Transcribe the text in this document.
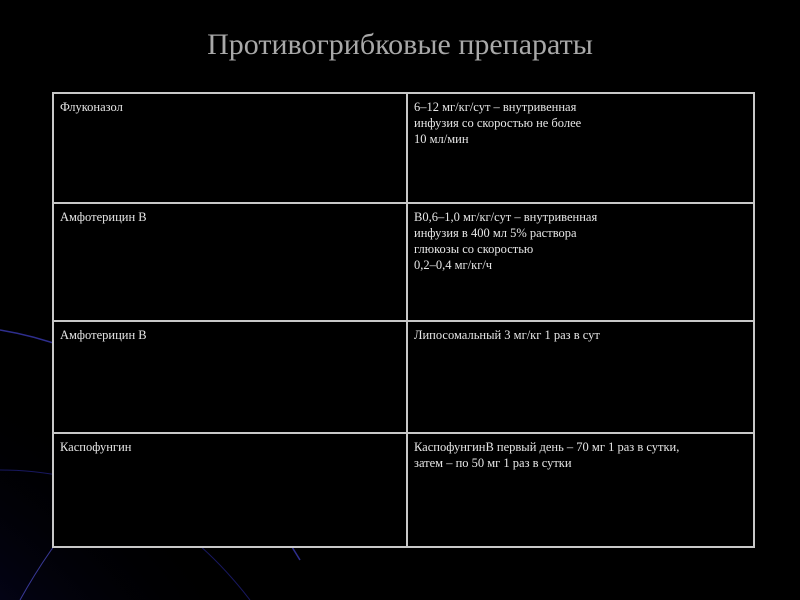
Противогрибковые препараты
Флуконазол	6–12 мг/кг/сут – внутривенная
инфузия со скоростью не более
10 мл/мин

Амфотерицин В	В0,6–1,0 мг/кг/сут – внутривенная
инфузия в 400 мл 5% раствора
глюкозы со скоростью
0,2–0,4 мг/кг/ч

Амфотерицин В	Липосомальный 3 мг/кг 1 раз в сут

Каспофунгин	КаспофунгинВ первый день – 70 мг 1 раз в сутки,
затем – по 50 мг 1 раз в сутки
